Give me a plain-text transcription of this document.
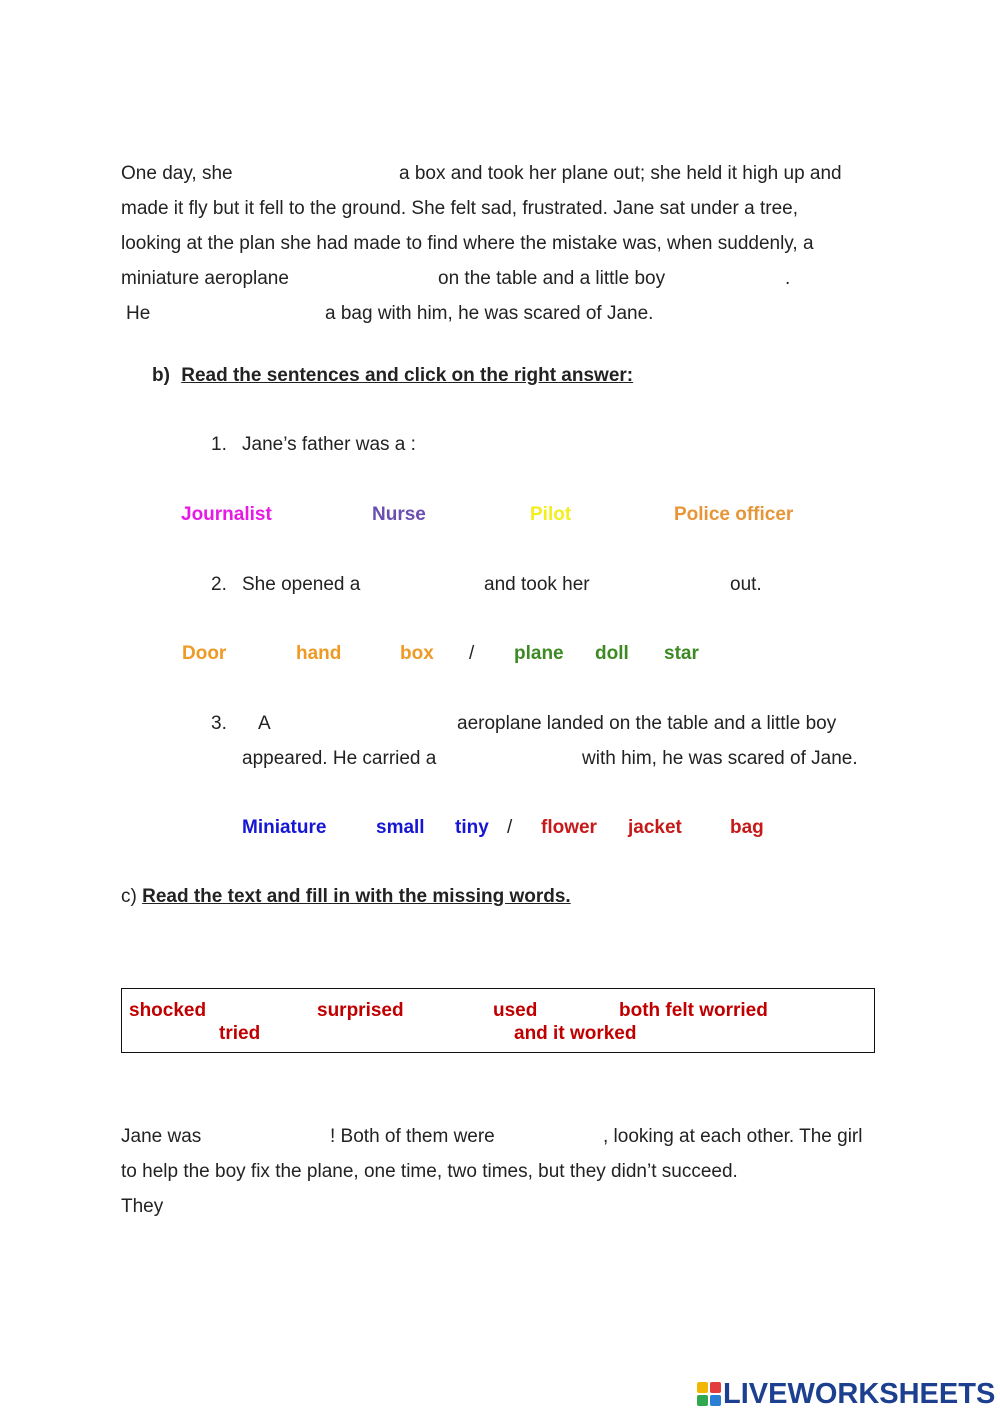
One day, she	a box and took her plane out; she held it high up and
made it fly but it fell to the ground. She felt sad, frustrated. Jane sat under a tree,
looking at the plan she had made to find where the mistake was, when suddenly, a
miniature aeroplane	on the table and a little boy	.
He	a bag with him, he was scared of Jane.
b) Read the sentences and click on the right answer:
1. Jane’s father was a :
Journalist	Nurse	Pilot	Police officer
2. She opened a	and took her	out.
Door	hand	box / plane doll star
3. A	aeroplane landed on the table and a little boy
appeared. He carried a	with him, he was scared of Jane.
Miniature	small tiny / flower jacket	bag
c) Read the text and fill in with the missing words.
shocked	surprised	used	both felt worried
tried	and it worked
Jane was	! Both of them were	, looking at each other. The girl
to help the boy fix the plane, one time, two times, but they didn’t succeed.
They
LIVEWORKSHEETS
